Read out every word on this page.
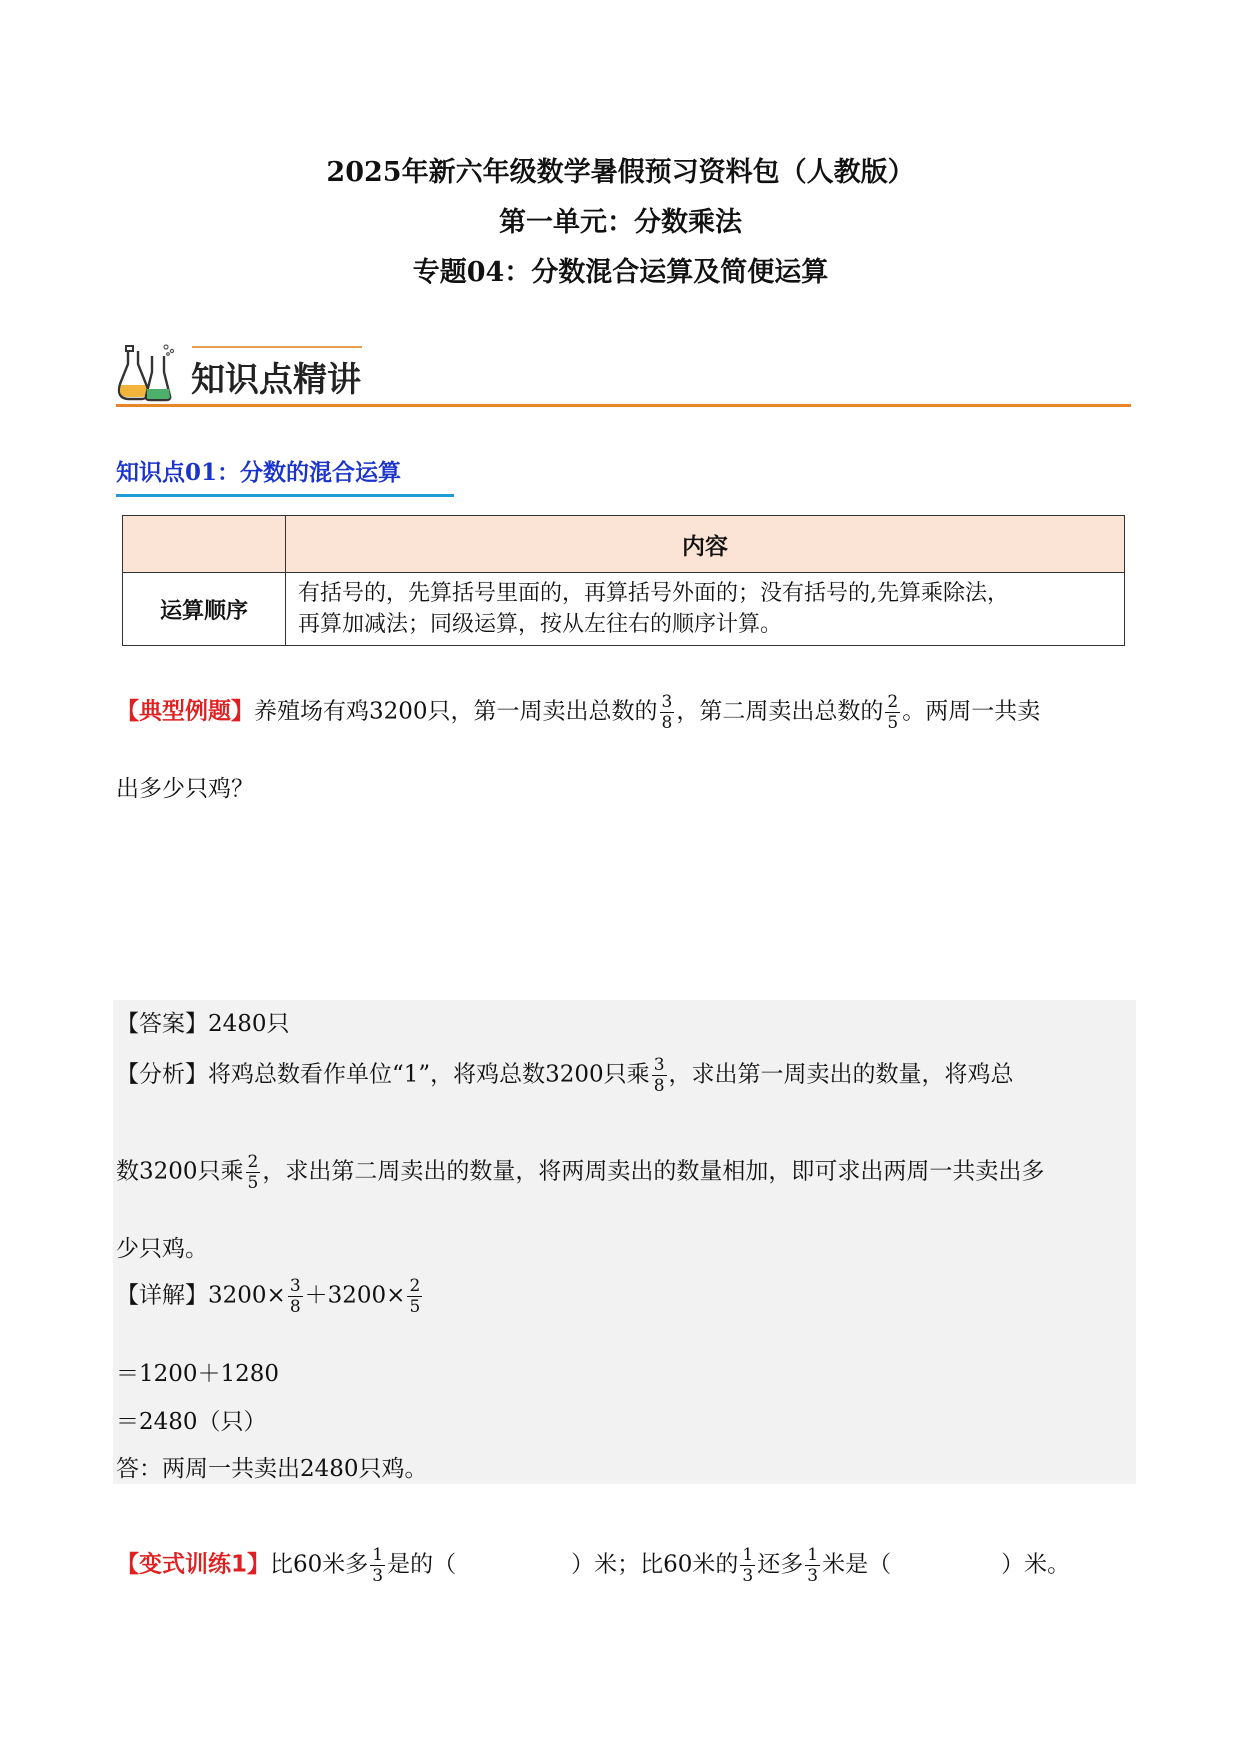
2025年新六年级数学暑假预习资料包（人教版）
第一单元：分数乘法
专题04：分数混合运算及简便运算
知识点精讲
知识点01：分数的混合运算
	内容
运算顺序	有括号的，先算括号里面的，再算括号外面的；没有括号的,先算乘除法，
再算加减法；同级运算，按从左往右的顺序计算。
【典型例题】养殖场有鸡3200只，第一周卖出总数的 $\frac{3}{8}$ ，第二周卖出总数的 $\frac{2}{5}$ 。两周一共卖
出多少只鸡？
【答案】2480只
【分析】将鸡总数看作单位“1”，将鸡总数3200只乘 $\frac{3}{8}$ ，求出第一周卖出的数量，将鸡总
数3200只乘 $\frac{2}{5}$ ，求出第二周卖出的数量，将两周卖出的数量相加，即可求出两周一共卖出多
少只鸡。
【详解】$3200\times \frac{3}{8} +3200\times \frac{2}{5}$
＝1200＋1280
＝2480（只）
答：两周一共卖出2480只鸡。
【变式训练1】比60米多 $\frac{1}{3}$ 是的（	）米；比60米的 $\frac{1}{3}$ 还多 $\frac{1}{3}$ 米是（	）米。
